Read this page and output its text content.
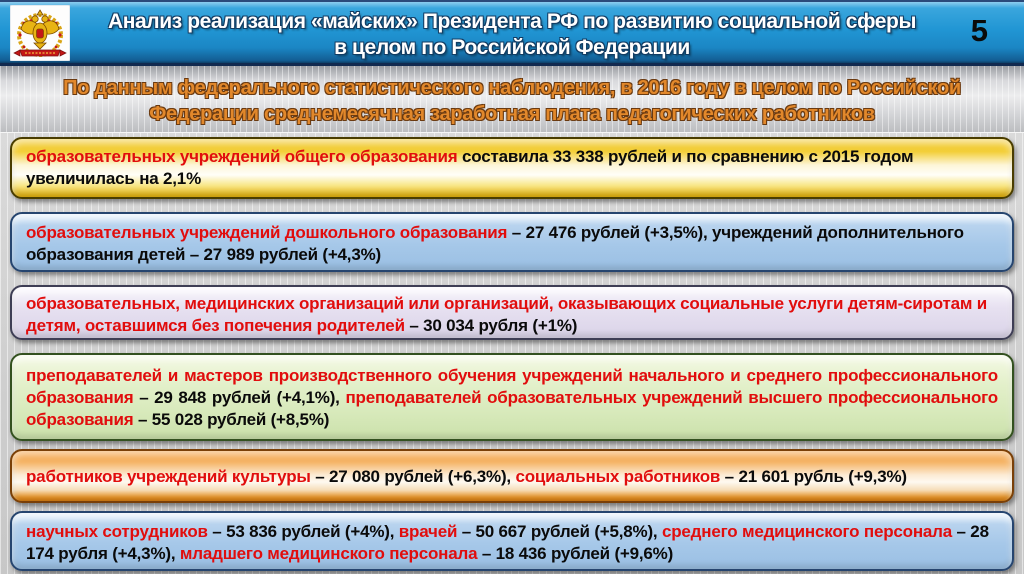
Анализ реализация «майских» Президента РФ по развитию социальной сферы
в целом по Российской Федерации	5
По данным федерального статистического наблюдения, в 2016 году в целом по Российской
Федерации среднемесячная заработная плата педагогических работников

образовательных учреждений общего образования составила 33 338 рублей и по сравнению с 2015 годом увеличилась на 2,1%

образовательных учреждений дошкольного образования – 27 476 рублей (+3,5%), учреждений дополнительного образования детей – 27 989 рублей (+4,3%)

образовательных, медицинских организаций или организаций, оказывающих социальные услуги детям-сиротам и детям, оставшимся без попечения родителей – 30 034 рубля (+1%)

преподавателей и мастеров производственного обучения учреждений начального и среднего профессионального образования – 29 848 рублей (+4,1%), преподавателей образовательных учреждений высшего профессионального образования – 55 028 рублей (+8,5%)

работников учреждений культуры – 27 080 рублей (+6,3%), социальных работников – 21 601 рубль (+9,3%)

научных сотрудников – 53 836 рублей (+4%), врачей – 50 667 рублей (+5,8%), среднего медицинского персонала – 28 174 рубля (+4,3%), младшего медицинского персонала – 18 436 рублей (+9,6%)
